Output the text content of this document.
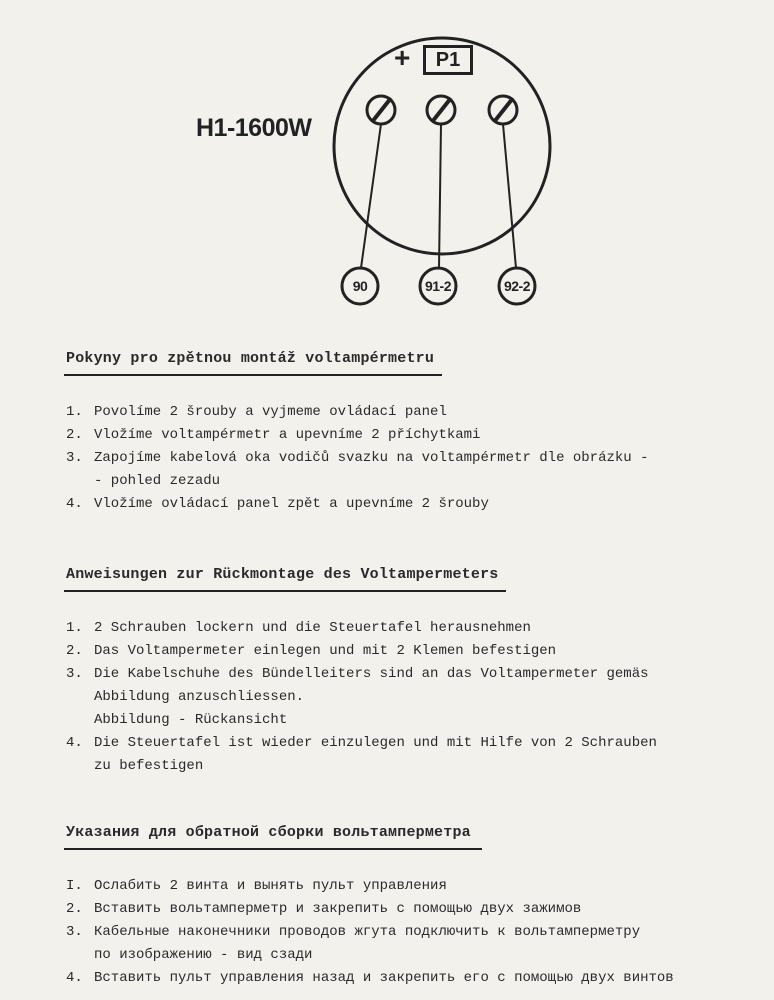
H1-1600W
+	P1
90	91-2	92-2
Pokyny pro zpětnou montáž voltampérmetru
1. Povolíme 2 šrouby a vyjmeme ovládací panel
2. Vložíme voltampérmetr a upevníme 2 příchytkami
3. Zapojíme kabelová oka vodičů svazku na voltampérmetr dle obrázku -
- pohled zezadu
4. Vložíme ovládací panel zpět a upevníme 2 šrouby
Anweisungen zur Rückmontage des Voltampermeters
1. 2 Schrauben lockern und die Steuertafel herausnehmen
2. Das Voltampermeter einlegen und mit 2 Klemen befestigen
3. Die Kabelschuhe des Bündelleiters sind an das Voltampermeter gemäs
Abbildung anzuschliessen.
Abbildung - Rückansicht
4. Die Steuertafel ist wieder einzulegen und mit Hilfe von 2 Schrauben
zu befestigen
Указания для обратной сборки вольтамперметра
I. Ослабить 2 винта и вынять пульт управления
2. Вставить вольтамперметр и закрепить с помощью двух зажимов
3. Кабельные наконечники проводов жгута подключить к вольтамперметру
по изображению - вид сзади
4. Вставить пульт управления назад и закрепить его с помощью двух винтов
